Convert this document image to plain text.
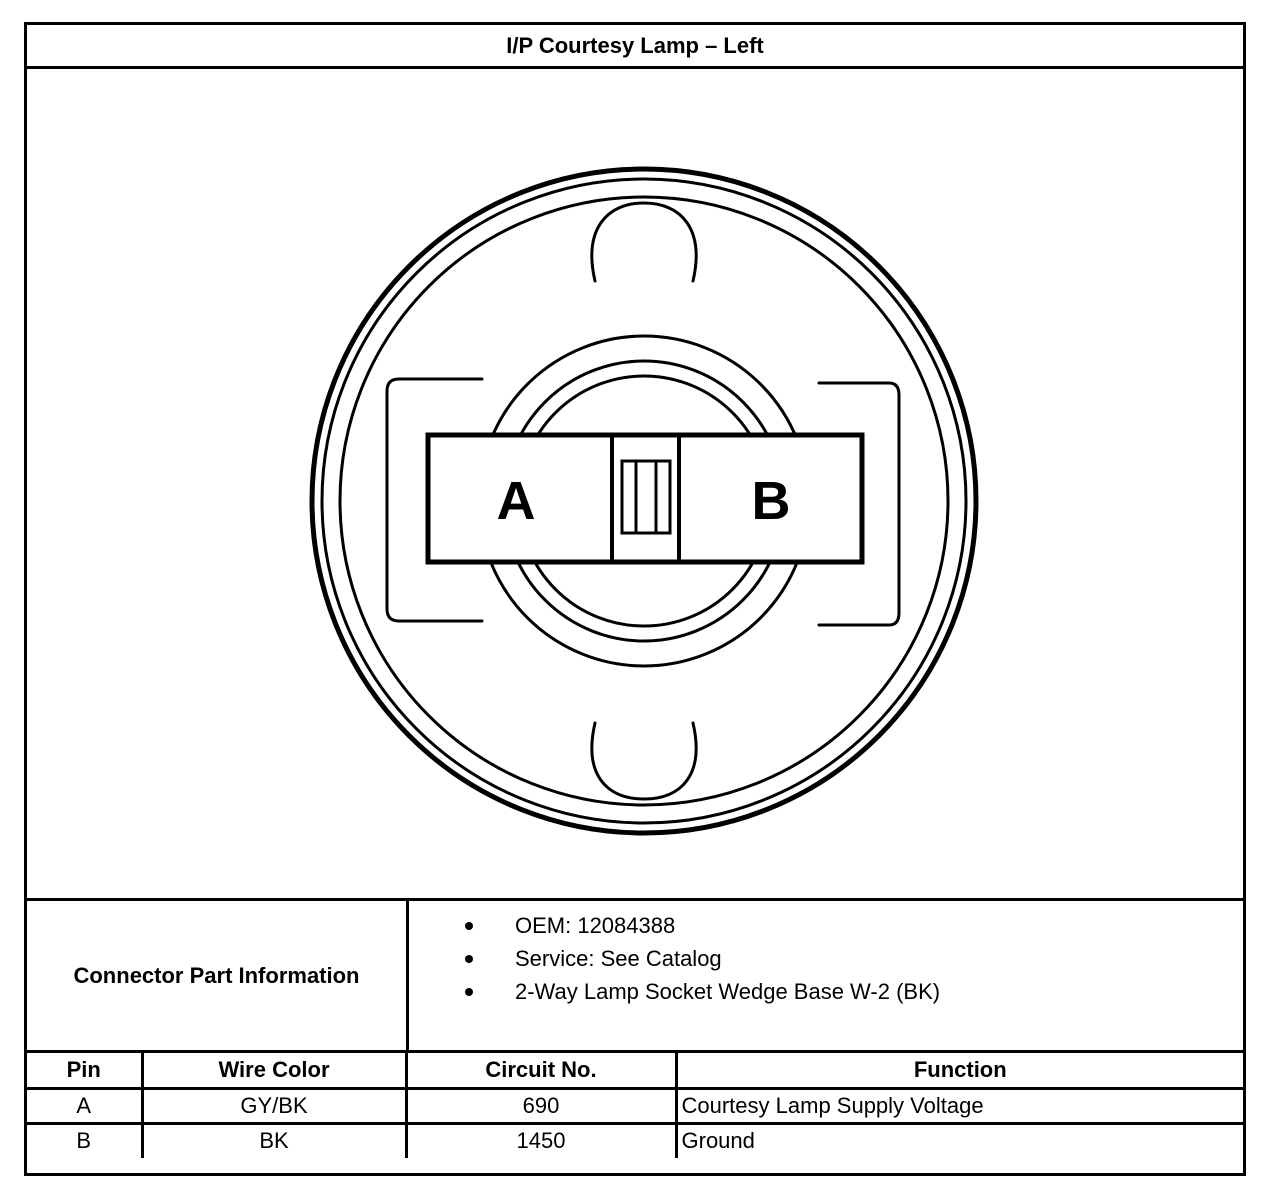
I/P Courtesy Lamp – Left
A	B
Connector Part Information
OEM: 12084388
Service: See Catalog
2-Way Lamp Socket Wedge Base W-2 (BK)
Pin	Wire Color	Circuit No.	Function
A	GY/BK	690	Courtesy Lamp Supply Voltage
B	BK	1450	Ground
